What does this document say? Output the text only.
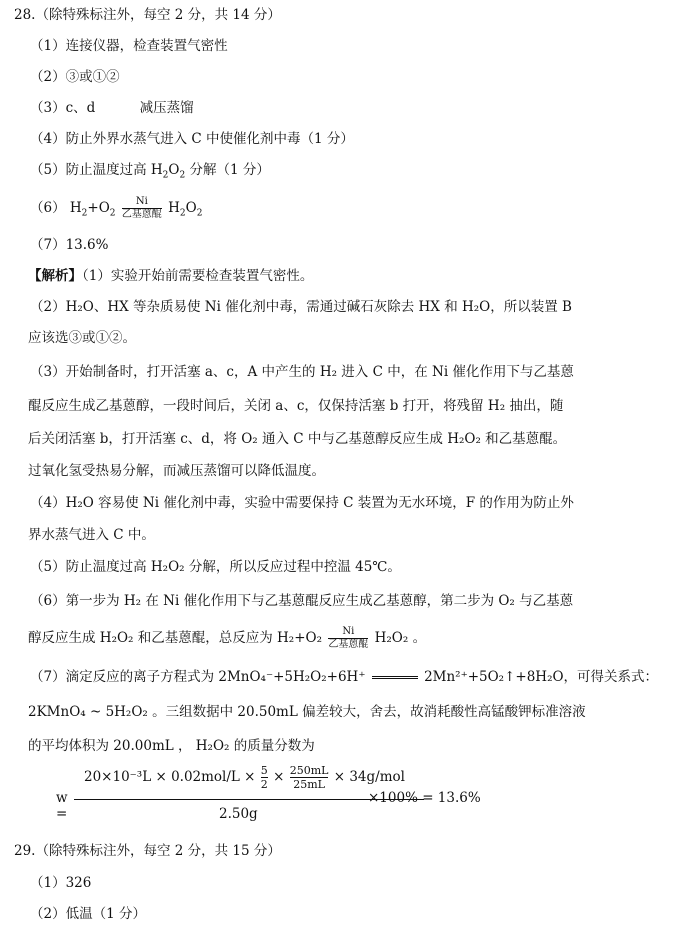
28.（除特殊标注外，每空 2 分，共 14 分）
（1）连接仪器，检查装置气密性
（2）③或①②
（3）c、d	减压蒸馏
（4）防止外界水蒸气进入 C 中使催化剂中毒（1 分）
（5）防止温度过高 $H_2O_2$ 分解（1 分）
（6） $H_2+O_2$
Ni
乙基蒽醌 $H_2O_2$
（7）13.6%
【解析】（1）实验开始前需要检查装置气密性。
（2）H₂O、HX 等杂质易使 Ni 催化剂中毒，需通过碱石灰除去 HX 和 H₂O，所以装置 B
应该选③或①②。
（3）开始制备时，打开活塞 a、c，A 中产生的 H₂ 进入 C 中，在 Ni 催化作用下与乙基蒽
醌反应生成乙基蒽醇，一段时间后，关闭 a、c，仅保持活塞 b 打开，将残留 H₂ 抽出，随
后关闭活塞 b，打开活塞 c、d，将 O₂ 通入 C 中与乙基蒽醇反应生成 H₂O₂ 和乙基蒽醌。
过氧化氢受热易分解，而减压蒸馏可以降低温度。
（4）H₂O 容易使 Ni 催化剂中毒，实验中需要保持 C 装置为无水环境，F 的作用为防止外
界水蒸气进入 C 中。
（5）防止温度过高 H₂O₂ 分解，所以反应过程中控温 45℃。
（6）第一步为 H₂ 在 Ni 催化作用下与乙基蒽醌反应生成乙基蒽醇，第二步为 O₂ 与乙基蒽
醇反应生成 H₂O₂ 和乙基蒽醌，总反应为 H₂+O₂	Ni
乙基蒽醌 H₂O₂ 。
（7）滴定反应的离子方程式为 2MnO₄⁻+5H₂O₂+6H⁺	2Mn²⁺+5O₂↑+8H₂O，可得关系式：
2KMnO₄ ~ 5H₂O₂ 。三组数据中 20.50mL 偏差较大，舍去，故消耗酸性高锰酸钾标准溶液
的平均体积为 20.00mL ， H₂O₂ 的质量分数为
w =
$20\times 10^{-3}L \times 0.02mol/L \times \frac{5}{2} \times \frac{250mL}{25mL} \times 34g/mol$
2.50g
×100% = 13.6%
29.（除特殊标注外，每空 2 分，共 15 分）
（1）326
（2）低温（1 分）
